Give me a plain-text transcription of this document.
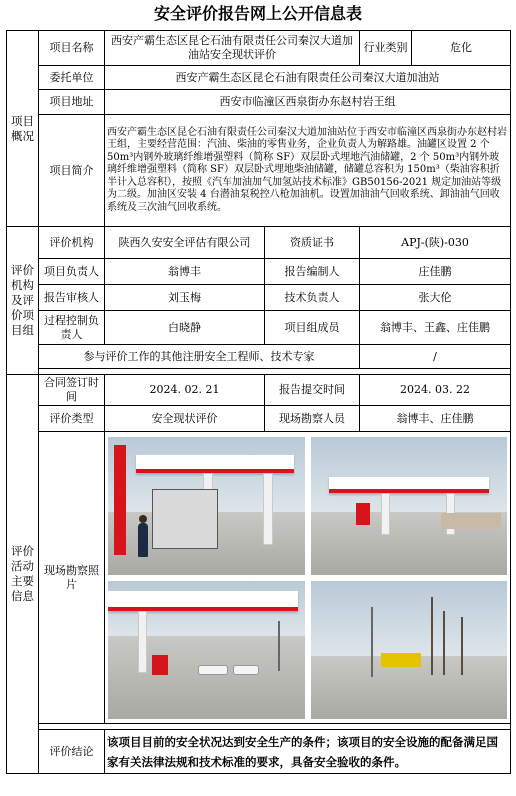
安全评价报告网上公开信息表
项目概况	项目名称	西安产霸生态区昆仑石油有限责任公司秦汉大道加油站安全现状评价		行业类别	危化
	委托单位	西安产霸生态区昆仑石油有限责任公司秦汉大道加油站			
	项目地址	西安市临潼区西泉街办东赵村岩王组			
	项目简介	西安产霸生态区昆仑石油有限责任公司秦汉大道加油站位于西安市临潼区西泉街办东赵村岩王组，主要经营范围：汽油、柴油的零售业务，企业负责人为解路雄。油罐区设置 2 个 50m³内钢外玻璃纤维增强塑料（简称 SF）双层卧式埋地汽油储罐，2 个 50m³内钢外玻璃纤维增强塑料（简称 SF）双层卧式埋地柴油储罐，储罐总容积为 150m³（柴油容积折半计入总容积），按照《汽车加油加气加氢站技术标准》GB50156-2021 规定加油站等级为二级。加油区安装 4 台潜油泵税控八枪加油机。设置加油油气回收系统、卸油油气回收系统及三次油气回收系统。			
评价机构及评价项目组	评价机构	陕西久安安全评估有限公司	资质证书	APJ-(陕)-030	
	项目负责人	翁博丰	报告编制人	庄佳鹏	
	报告审核人	刘玉梅	技术负责人	张大伦	
	过程控制负责人	白晓静	项目组成员	翁博丰、王鑫、庄佳鹏	
	参与评价工作的其他注册安全工程师、技术专家			/	

评价活动主要信息	合同签订时间	2024. 02. 21	报告提交时间	2024. 03. 22	
	评价类型	安全现状评价	现场勘察人员	翁博丰、庄佳鹏	
	现场勘察照片				

	评价结论	该项目目前的安全状况达到安全生产的条件；该项目的安全设施的配备满足国家有关法律法规和技术标准的要求，具备安全验收的条件。			
